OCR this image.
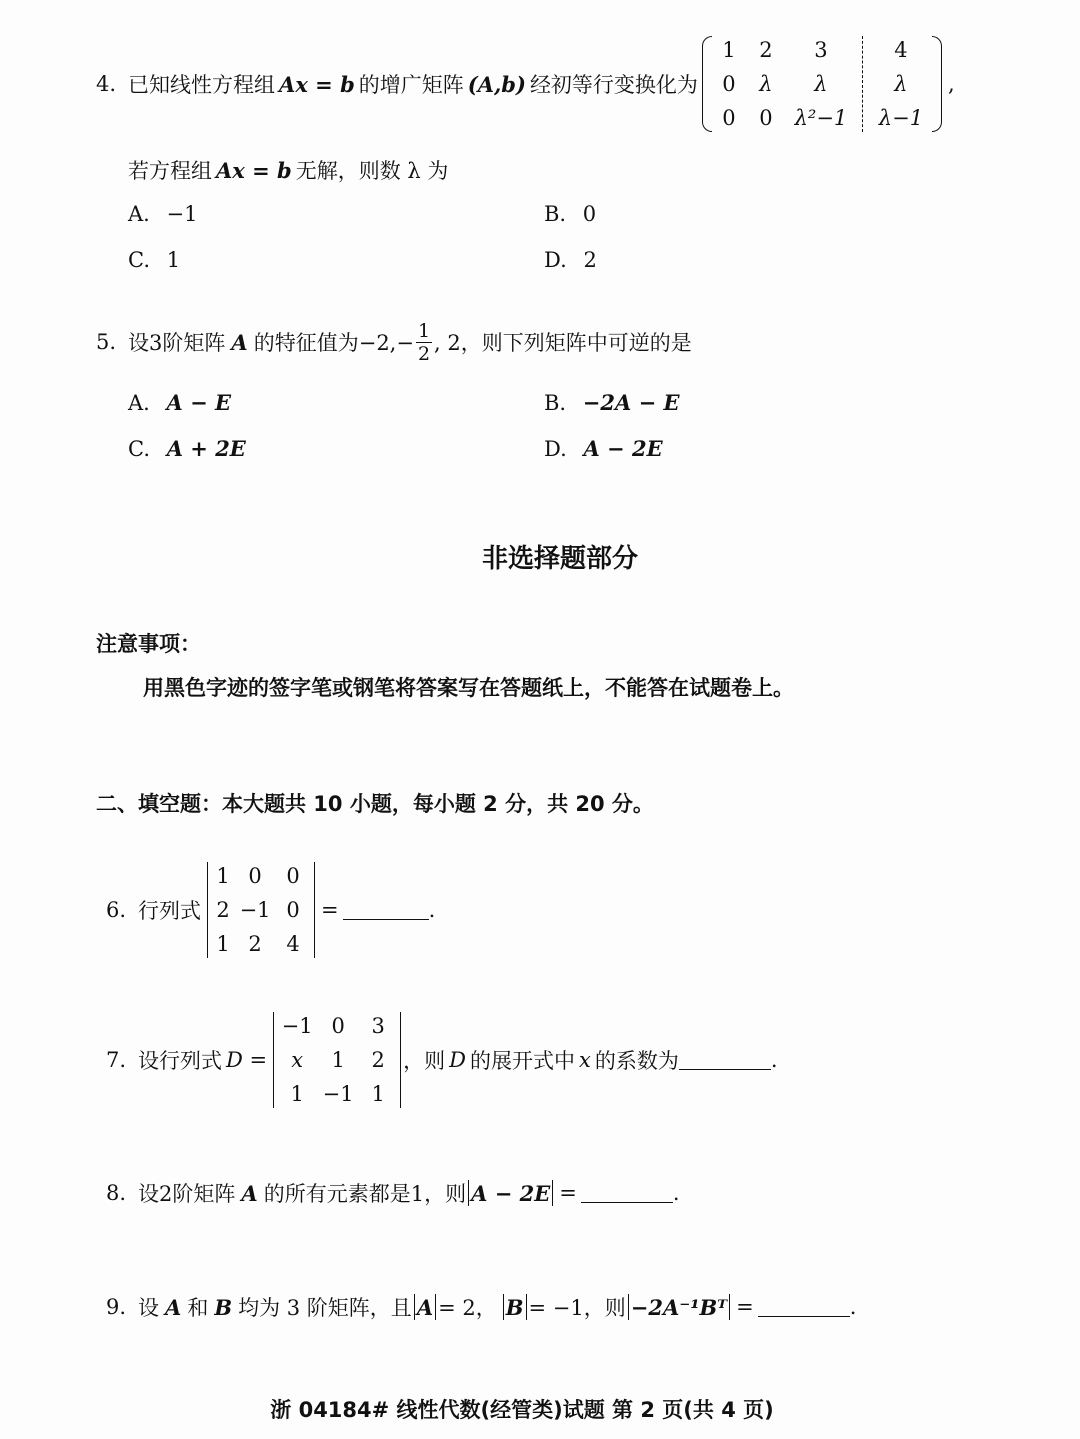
4. 已知线性方程组 Ax = b 的增广矩阵 (A,b) 经初等行变换化为
1	2	3	4
0	λ	λ	λ
0	0	λ²−1	λ−1
,
若方程组 Ax = b 无解，则数 λ 为
A. −1	B. 0
C. 1	D. 2
5. 设3阶矩阵 A 的特征值为$-2,- \frac{1}{2}$ , 2，则下列矩阵中可逆的是
A. A − E	B. −2A − E
C. A + 2E	D. A − 2E
非选择题部分
注意事项：
用黑色字迹的签字笔或钢笔将答案写在答题纸上，不能答在试题卷上。
二、填空题：本大题共 10 小题，每小题 2 分，共 20 分。
6. 行列式
1 0	0
2 −1 0
1 2	4
=	.
7. 设行列式 D =
−1 0	3
x	1	2
1 −1 1
，则 D 的展开式中 x 的系数为	.
8. 设2阶矩阵 A 的所有元素都是1，则 A − 2E =	.
9. 设 A 和 B 均为 3 阶矩阵，且 A = 2， B = −1，则 −2A⁻¹Bᵀ =	.
浙 04184# 线性代数(经管类)试题 第 2 页(共 4 页)
